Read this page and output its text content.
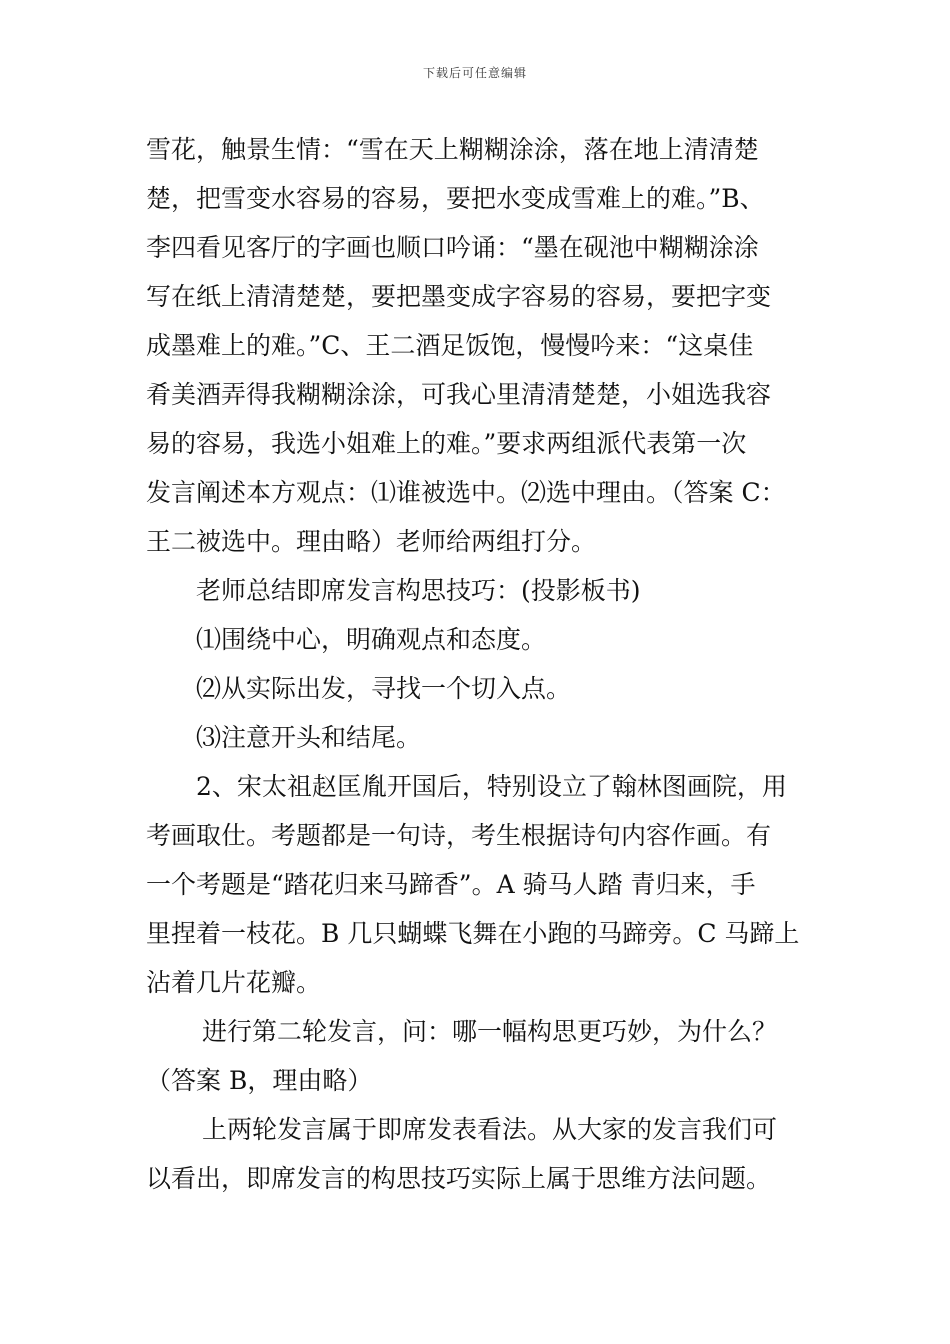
下载后可任意编辑
雪花，触景生情：“雪在天上糊糊涂涂，落在地上清清楚
楚，把雪变水容易的容易，要把水变成雪难上的难。”B、
李四看见客厅的字画也顺口吟诵：“墨在砚池中糊糊涂涂
写在纸上清清楚楚，要把墨变成字容易的容易，要把字变
成墨难上的难。”C、王二酒足饭饱，慢慢吟来：“这桌佳
肴美酒弄得我糊糊涂涂，可我心里清清楚楚，小姐选我容
易的容易，我选小姐难上的难。”要求两组派代表第一次
发言阐述本方观点：⑴谁被选中。⑵选中理由。（答案 C：
王二被选中。理由略）老师给两组打分。
老师总结即席发言构思技巧：(投影板书)
⑴围绕中心，明确观点和态度。
⑵从实际出发，寻找一个切入点。
⑶注意开头和结尾。
2、宋太祖赵匡胤开国后，特别设立了翰林图画院，用
考画取仕。考题都是一句诗，考生根据诗句内容作画。有
一个考题是“踏花归来马蹄香”。A 骑马人踏 青归来，手
里捏着一枝花。B 几只蝴蝶飞舞在小跑的马蹄旁。C 马蹄上
沾着几片花瓣。
进行第二轮发言，问：哪一幅构思更巧妙，为什么？
（答案 B，理由略）
上两轮发言属于即席发表看法。从大家的发言我们可
以看出，即席发言的构思技巧实际上属于思维方法问题。
